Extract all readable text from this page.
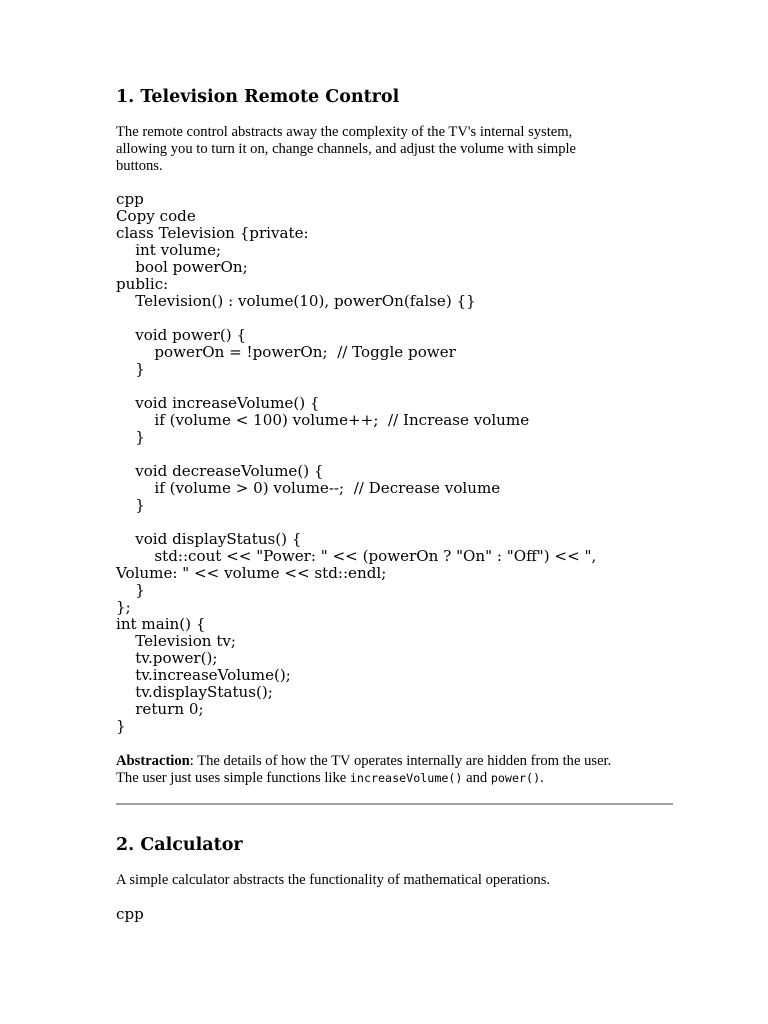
1. Television Remote Control

The remote control abstracts away the complexity of the TV's internal system,
allowing you to turn it on, change channels, and adjust the volume with simple
buttons.

cpp
Copy code
class Television {private:
int volume;
bool powerOn;
public:
Television() : volume(10), powerOn(false) {}
void power() {
powerOn = !powerOn;  // Toggle power
}
void increaseVolume() {
if (volume < 100) volume++;  // Increase volume
}
void decreaseVolume() {
if (volume > 0) volume--;  // Decrease volume
}
void displayStatus() {
std::cout << "Power: " << (powerOn ? "On" : "Off") << ",
Volume: " << volume << std::endl;
}
};
int main() {
Television tv;
tv.power();
tv.increaseVolume();
tv.displayStatus();
return 0;
}

Abstraction: The details of how the TV operates internally are hidden from the user.
The user just uses simple functions like increaseVolume() and power().

2. Calculator

A simple calculator abstracts the functionality of mathematical operations.

cpp
